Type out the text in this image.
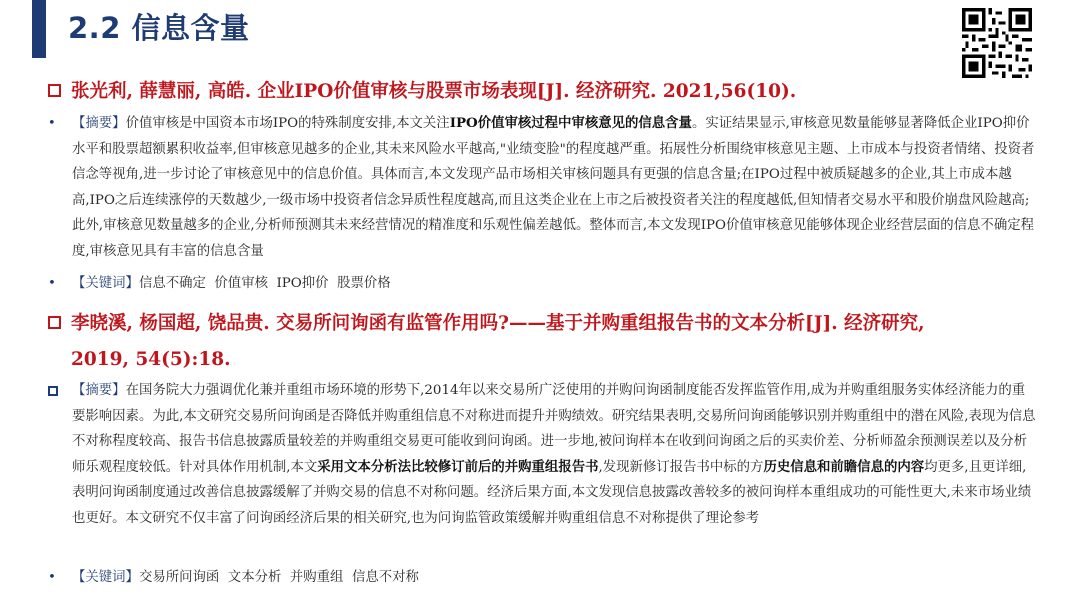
2.2 信息含量
张光利, 薛慧丽, 高皓. 企业IPO价值审核与股票市场表现[J]. 经济研究. 2021,56(10).
•	【摘要】价值审核是中国资本市场IPO的特殊制度安排,本文关注IPO价值审核过程中审核意见的信息含量。实证结果显示,审核意见数量能够显著降低企业IPO抑价水平和股票超额累积收益率,但审核意见越多的企业,其未来风险水平越高,"业绩变脸"的程度越严重。拓展性分析围绕审核意见主题、上市成本与投资者情绪、投资者信念等视角,进一步讨论了审核意见中的信息价值。具体而言,本文发现产品市场相关审核问题具有更强的信息含量;在IPO过程中被质疑越多的企业,其上市成本越高,IPO之后连续涨停的天数越少,一级市场中投资者信念异质性程度越高,而且这类企业在上市之后被投资者关注的程度越低,但知情者交易水平和股价崩盘风险越高;此外,审核意见数量越多的企业,分析师预测其未来经营情况的精准度和乐观性偏差越低。整体而言,本文发现IPO价值审核意见能够体现企业经营层面的信息不确定程度,审核意见具有丰富的信息含量
• 【关键词】信息不确定  价值审核  IPO抑价  股票价格
李晓溪, 杨国超, 饶品贵. 交易所问询函有监管作用吗?——基于并购重组报告书的文本分析[J]. 经济研究,
2019, 54(5):18.
【摘要】在国务院大力强调优化兼并重组市场环境的形势下,2014年以来交易所广泛使用的并购问询函制度能否发挥监管作用,成为并购重组服务实体经济能力的重要影响因素。为此,本文研究交易所问询函是否降低并购重组信息不对称进而提升并购绩效。研究结果表明,交易所问询函能够识别并购重组中的潜在风险,表现为信息不对称程度较高、报告书信息披露质量较差的并购重组交易更可能收到问询函。进一步地,被问询样本在收到问询函之后的买卖价差、分析师盈余预测误差以及分析师乐观程度较低。针对具体作用机制,本文采用文本分析法比较修订前后的并购重组报告书,发现新修订报告书中标的方历史信息和前瞻信息的内容均更多,且更详细,表明问询函制度通过改善信息披露缓解了并购交易的信息不对称问题。经济后果方面,本文发现信息披露改善较多的被问询样本重组成功的可能性更大,未来市场业绩也更好。本文研究不仅丰富了问询函经济后果的相关研究,也为问询监管政策缓解并购重组信息不对称提供了理论参考
• 【关键词】交易所问询函  文本分析  并购重组  信息不对称
